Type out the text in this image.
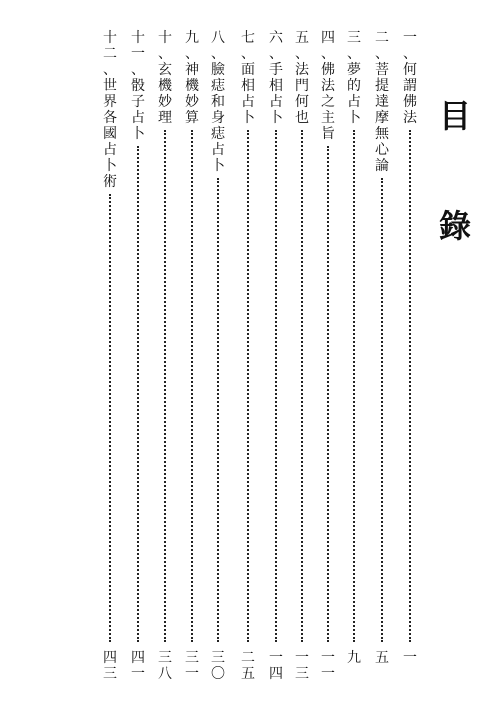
目
錄
一
、
何
謂
佛
法
一
二
、
菩
提
達
摩
無
心
論
五
三
、
夢
的
占
卜
九
四
、
佛
法
之
主
旨
一
一
五
、
法
門
何
也
一
三
六
、
手
相
占
卜
一
四
七
、
面
相
占
卜
二
五
八
、
臉
痣
和
身
痣
占
卜
三
〇
九
、
神
機
妙
算
三
一
十
、
玄
機
妙
理
三
八
十
一
、
骰
子
占
卜
四
一
十
二
、
世
界
各
國
占
卜
術
四
三
